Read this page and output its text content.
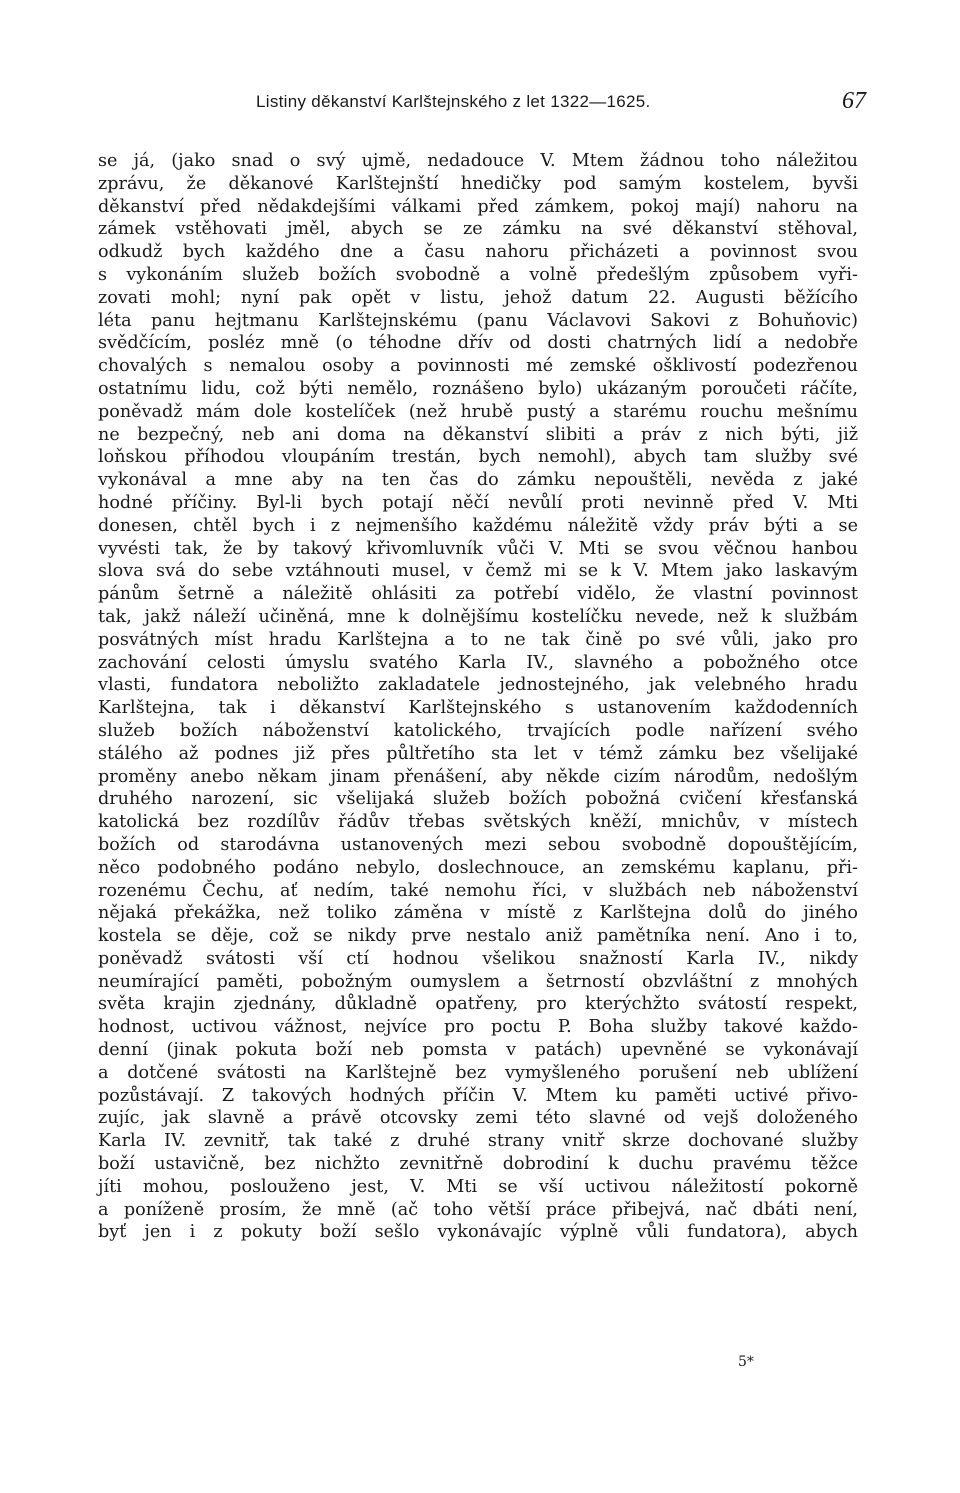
Listiny děkanství Karlštejnského z let 1322—1625.	67
se já, (jako snad o svý ujmě, nedadouce V. Mtem žádnou toho náležitou
zprávu, že děkanové Karlštejnští hnedičky pod samým kostelem, byvši
děkanství před nědakdejšími válkami před zámkem, pokoj mají) nahoru na
zámek vstěhovati jměl, abych se ze zámku na své děkanství stěhoval,
odkudž bych každého dne a času nahoru přicházeti a povinnost svou
s vykonáním služeb božích svobodně a volně předešlým způsobem vyři-
zovati mohl; nyní pak opět v listu, jehož datum 22. Augusti běžícího
léta panu hejtmanu Karlštejnskému (panu Václavovi Sakovi z Bohuňovic)
svědčícím, posléz mně (o téhodne dřív od dosti chatrných lidí a nedobře
chovalých s nemalou osoby a povinnosti mé zemské ošklivostí podezřenou
ostatnímu lidu, což býti nemělo, roznášeno bylo) ukázaným poroučeti ráčíte,
poněvadž mám dole kostelíček (než hrubě pustý a starému rouchu mešnímu
ne bezpečný, neb ani doma na děkanství slibiti a práv z nich býti, již
loňskou příhodou vloupáním trestán, bych nemohl), abych tam služby své
vykonával a mne aby na ten čas do zámku nepouštěli, nevěda z jaké
hodné příčiny. Byl-li bych potají něčí nevůlí proti nevinně před V. Mti
donesen, chtěl bych i z nejmenšího každému náležitě vždy práv býti a se
vyvésti tak, že by takový křivomluvník vůči V. Mti se svou věčnou hanbou
slova svá do sebe vztáhnouti musel, v čemž mi se k V. Mtem jako laskavým
pánům šetrně a náležitě ohlásiti za potřebí vidělo, že vlastní povinnost
tak, jakž náleží učiněná, mne k dolnějšímu kostelíčku nevede, než k službám
posvátných míst hradu Karlštejna a to ne tak čině po své vůli, jako pro
zachování celosti úmyslu svatého Karla IV., slavného a pobožného otce
vlasti, fundatora neboližto zakladatele jednostejného, jak velebného hradu
Karlštejna, tak i děkanství Karlštejnského s ustanovením každodenních
služeb božích náboženství katolického, trvajících podle nařízení svého
stálého až podnes již přes půltřetího sta let v témž zámku bez všelijaké
proměny anebo někam jinam přenášení, aby někde cizím národům, nedošlým
druhého narození, sic všelijaká služeb božích pobožná cvičení křesťanská
katolická bez rozdílův řádův třebas světských kněží, mnichův, v místech
božích od starodávna ustanovených mezi sebou svobodně dopouštějícím,
něco podobného podáno nebylo, doslechnouce, an zemskému kaplanu, při-
rozenému Čechu, ať nedím, také nemohu říci, v službách neb náboženství
nějaká překážka, než toliko záměna v místě z Karlštejna dolů do jiného
kostela se děje, což se nikdy prve nestalo aniž pamětníka není. Ano i to,
poněvadž svátosti vší ctí hodnou všelikou snažností Karla IV., nikdy
neumírající paměti, pobožným oumyslem a šetrností obzvláštní z mnohých
světa krajin zjednány, důkladně opatřeny, pro kterýchžto svátostí respekt,
hodnost, uctivou vážnost, nejvíce pro poctu P. Boha služby takové každo-
denní (jinak pokuta boží neb pomsta v patách) upevněné se vykonávají
a dotčené svátosti na Karlštejně bez vymyšleného porušení neb ublížení
pozůstávají. Z takových hodných příčin V. Mtem ku paměti uctivé přivo-
zujíc, jak slavně a právě otcovsky zemi této slavné od vejš doloženého
Karla IV. zevnitř, tak také z druhé strany vnitř skrze dochované služby
boží ustavičně, bez nichžto zevnitřně dobrodiní k duchu pravému těžce
jíti mohou, poslouženo jest, V. Mti se vší uctivou náležitostí pokorně
a poníženě prosím, že mně (ač toho větší práce přibejvá, nač dbáti není,
byť jen i z pokuty boží sešlo vykonávajíc výplně vůli fundatora), abych
5*
